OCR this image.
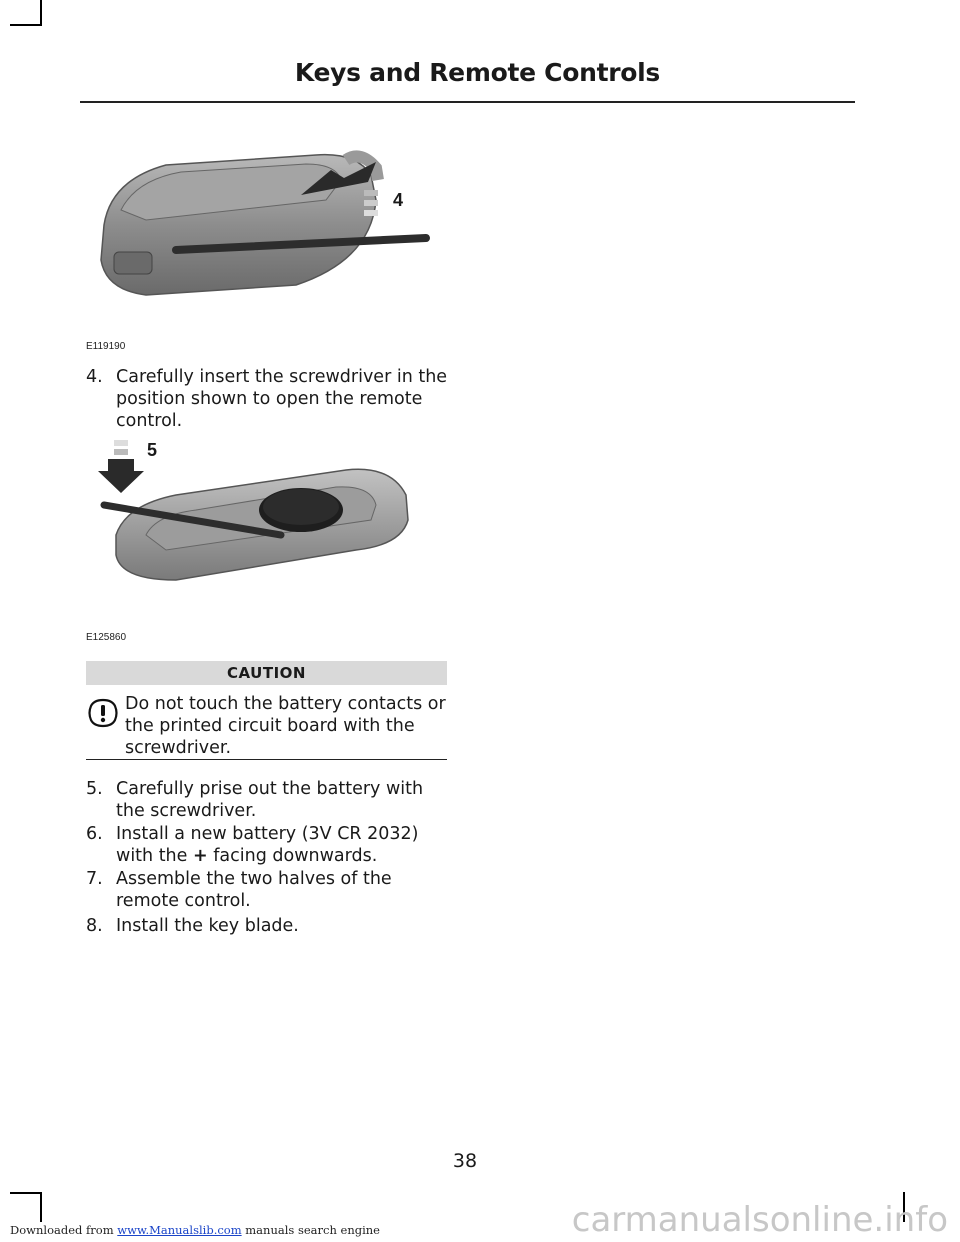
Keys and Remote Controls
4
E119190
4. Carefully insert the screwdriver in the position shown to open the remote control.
5
E125860
CAUTION
Do not touch the battery contacts or the printed circuit board with the screwdriver.
5. Carefully prise out the battery with the screwdriver.
6. Install a new battery (3V CR 2032) with the + facing downwards.
7. Assemble the two halves of the remote control.
8. Install the key blade.
38
Downloaded from www.Manualslib.com manuals search engine	carmanualsonline.info
